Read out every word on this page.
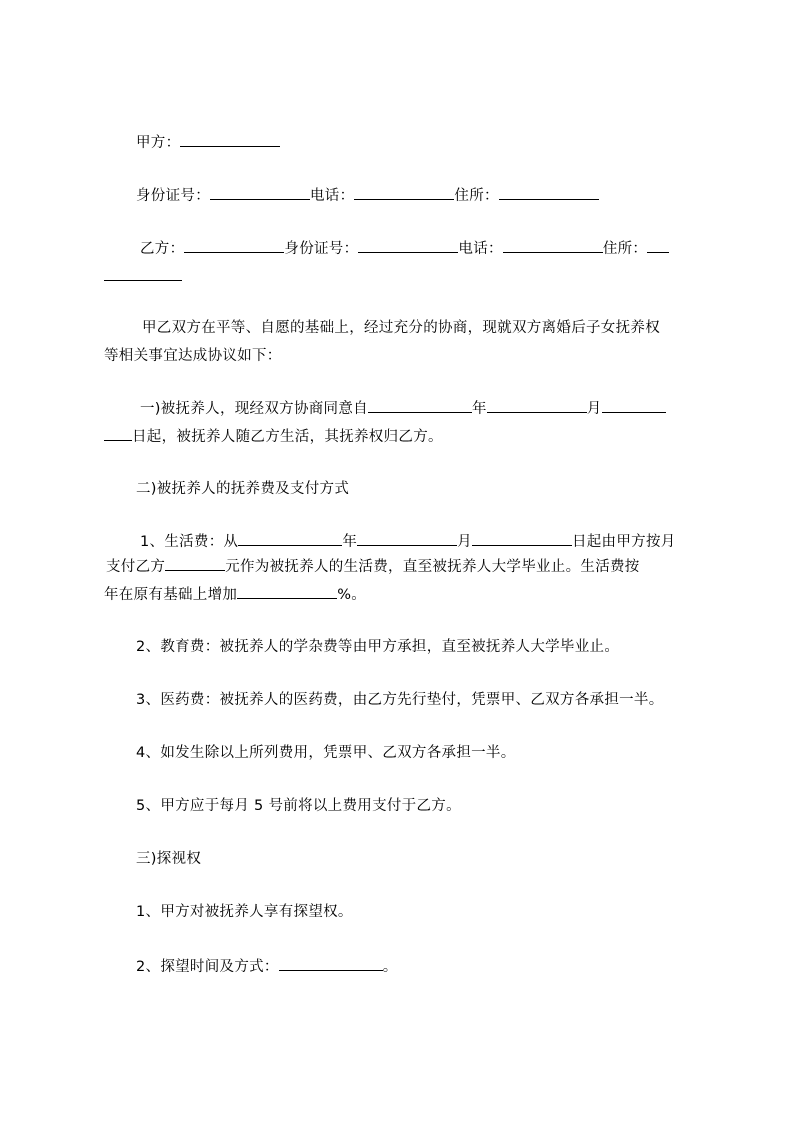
甲方：
身份证号：	电话：	住所：
乙方：	身份证号：	电话：	住所：
甲乙双方在平等、自愿的基础上，经过充分的协商，现就双方离婚后子女抚养权
等相关事宜达成协议如下：
一)被抚养人，现经双方协商同意自	年	月
日起，被抚养人随乙方生活，其抚养权归乙方。
二)被抚养人的抚养费及支付方式
1、生活费：从	年	月	日起由甲方按月
支付乙方	元作为被抚养人的生活费，直至被抚养人大学毕业止。生活费按
年在原有基础上增加	%。
2、教育费：被抚养人的学杂费等由甲方承担，直至被抚养人大学毕业止。
3、医药费：被抚养人的医药费，由乙方先行垫付，凭票甲、乙双方各承担一半。
4、如发生除以上所列费用，凭票甲、乙双方各承担一半。
5、甲方应于每月 5 号前将以上费用支付于乙方。
三)探视权
1、甲方对被抚养人享有探望权。
2、探望时间及方式：	。
